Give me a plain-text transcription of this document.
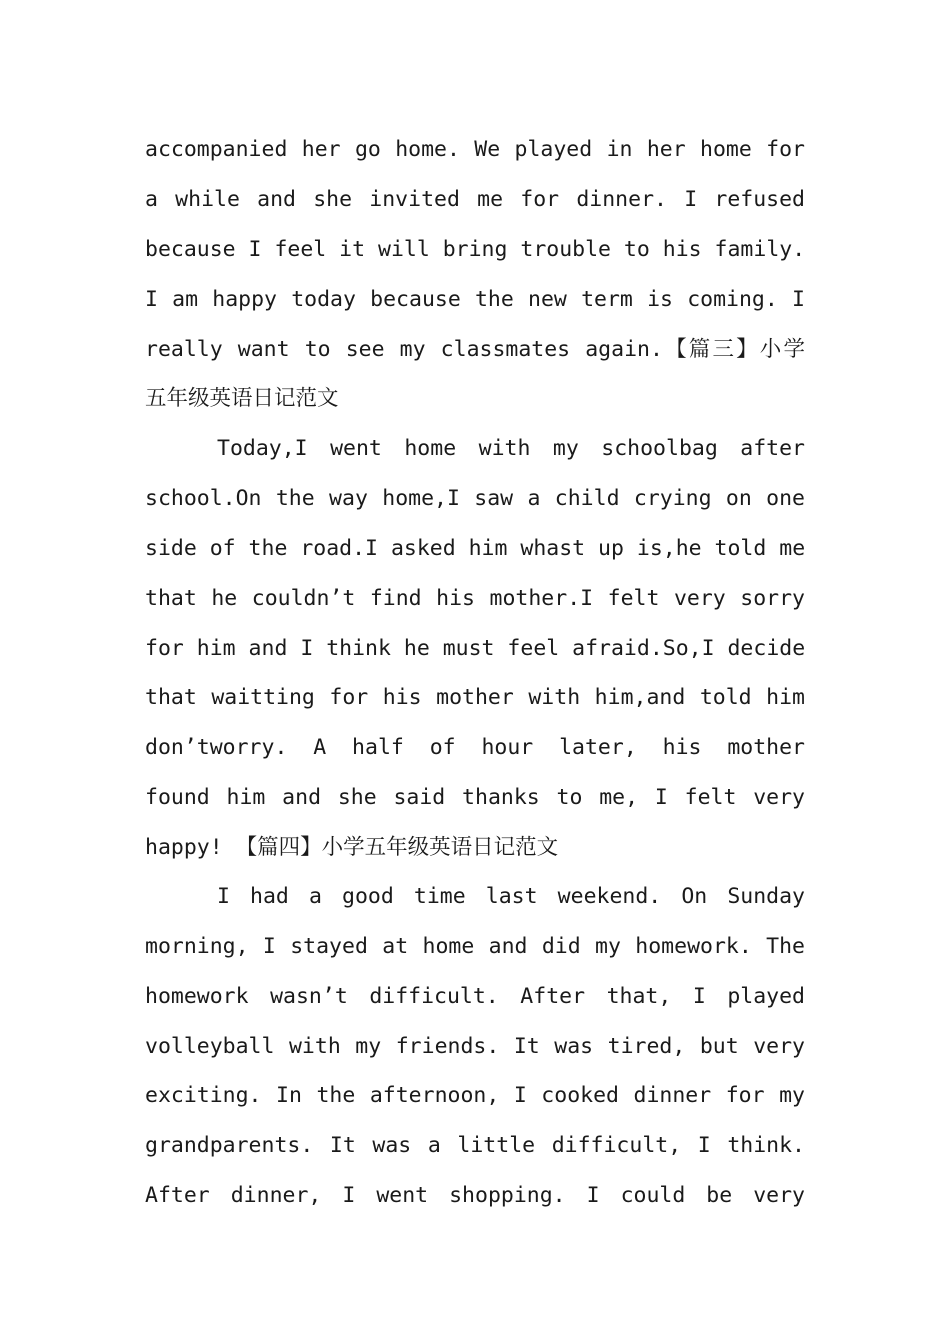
accompanied her go home. We played in her home for
a while and she invited me for dinner. I refused
because I feel it will bring trouble to his family.
I am happy today because the new term is coming. I
really want to see my classmates again.【篇三】小学
五年级英语日记范文
Today,I went home with my schoolbag after
school.On the way home,I saw a child crying on one
side of the road.I asked him whast up is,he told me
that he couldn’t find his mother.I felt very sorry
for him and I think he must feel afraid.So,I decide
that waitting for his mother with him,and told him
don’tworry. A half of hour later, his mother
found him and she said thanks to me, I felt very
happy! 【篇四】小学五年级英语日记范文
I had a good time last weekend. On Sunday
morning, I stayed at home and did my homework. The
homework wasn’t difficult. After that, I played
volleyball with my friends. It was tired, but very
exciting. In the afternoon, I cooked dinner for my
grandparents. It was a little difficult, I think.
After dinner, I went shopping. I could be very
